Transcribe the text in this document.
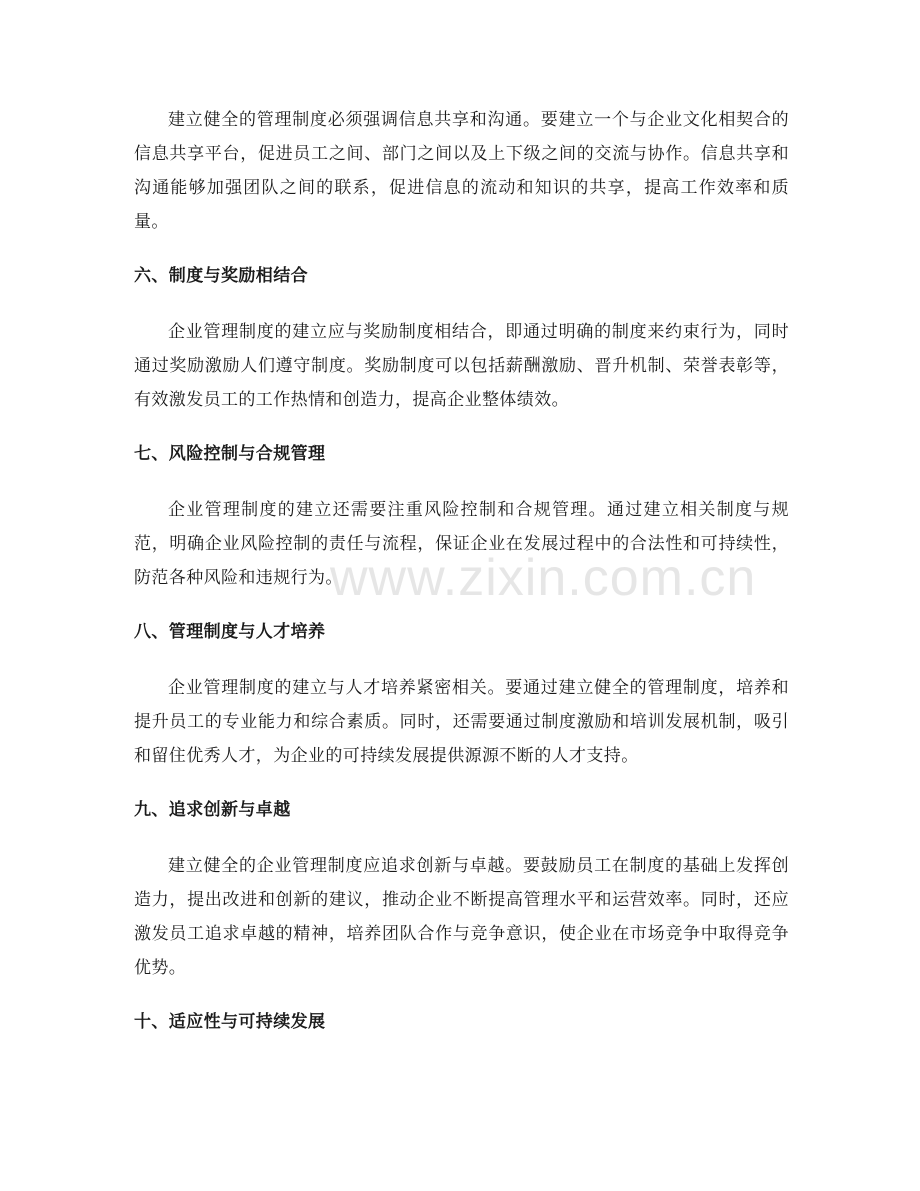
建立健全的管理制度必须强调信息共享和沟通。要建立一个与企业文化相契合的信息共享平台，促进员工之间、部门之间以及上下级之间的交流与协作。信息共享和沟通能够加强团队之间的联系，促进信息的流动和知识的共享，提高工作效率和质量。

六、制度与奖励相结合

企业管理制度的建立应与奖励制度相结合，即通过明确的制度来约束行为，同时通过奖励激励人们遵守制度。奖励制度可以包括薪酬激励、晋升机制、荣誉表彰等，有效激发员工的工作热情和创造力，提高企业整体绩效。

七、风险控制与合规管理

企业管理制度的建立还需要注重风险控制和合规管理。通过建立相关制度与规范，明确企业风险控制的责任与流程，保证企业在发展过程中的合法性和可持续性，防范各种风险和违规行为。

八、管理制度与人才培养

企业管理制度的建立与人才培养紧密相关。要通过建立健全的管理制度，培养和提升员工的专业能力和综合素质。同时，还需要通过制度激励和培训发展机制，吸引和留住优秀人才，为企业的可持续发展提供源源不断的人才支持。

九、追求创新与卓越

建立健全的企业管理制度应追求创新与卓越。要鼓励员工在制度的基础上发挥创造力，提出改进和创新的建议，推动企业不断提高管理水平和运营效率。同时，还应激发员工追求卓越的精神，培养团队合作与竞争意识，使企业在市场竞争中取得竞争优势。

十、适应性与可持续发展
www.zixin.com.cn
